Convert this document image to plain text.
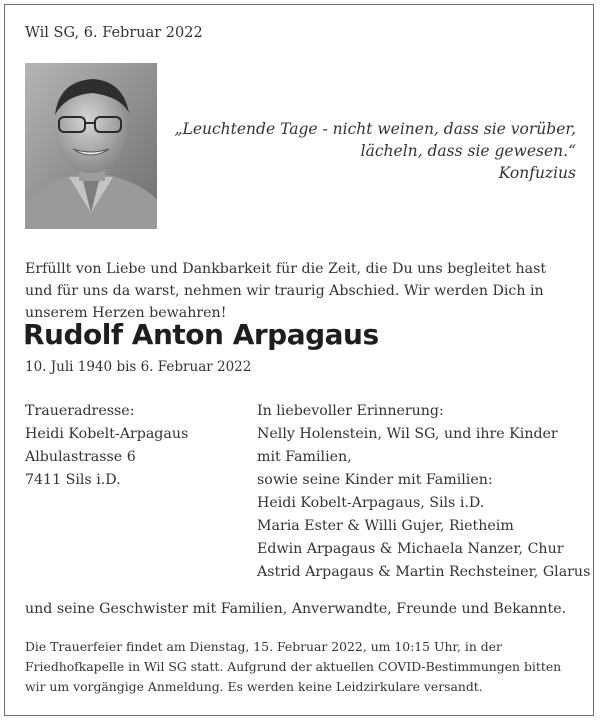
Wil SG, 6. Februar 2022
„Leuchtende Tage - nicht weinen, dass sie vorüber,
lächeln, dass sie gewesen.“
Konfuzius
Erfüllt von Liebe und Dankbarkeit für die Zeit, die Du uns begleitet hast und für uns da warst, nehmen wir traurig Abschied. Wir werden Dich in unserem Herzen bewahren!
Rudolf Anton Arpagaus
10. Juli 1940 bis 6. Februar 2022
Traueradresse:
Heidi Kobelt-Arpagaus
Albulastrasse 6
7411 Sils i.D.
In liebevoller Erinnerung:
Nelly Holenstein, Wil SG, und ihre Kinder mit Familien,
sowie seine Kinder mit Familien:
Heidi Kobelt-Arpagaus, Sils i.D.
Maria Ester & Willi Gujer, Rietheim
Edwin Arpagaus & Michaela Nanzer, Chur
Astrid Arpagaus & Martin Rechsteiner, Glarus
und seine Geschwister mit Familien, Anverwandte, Freunde und Bekannte.
Die Trauerfeier findet am Dienstag, 15. Februar 2022, um 10:15 Uhr, in der Friedhofkapelle in Wil SG statt. Aufgrund der aktuellen COVID-Bestimmungen bitten wir um vorgängige Anmeldung. Es werden keine Leidzirkulare versandt.
